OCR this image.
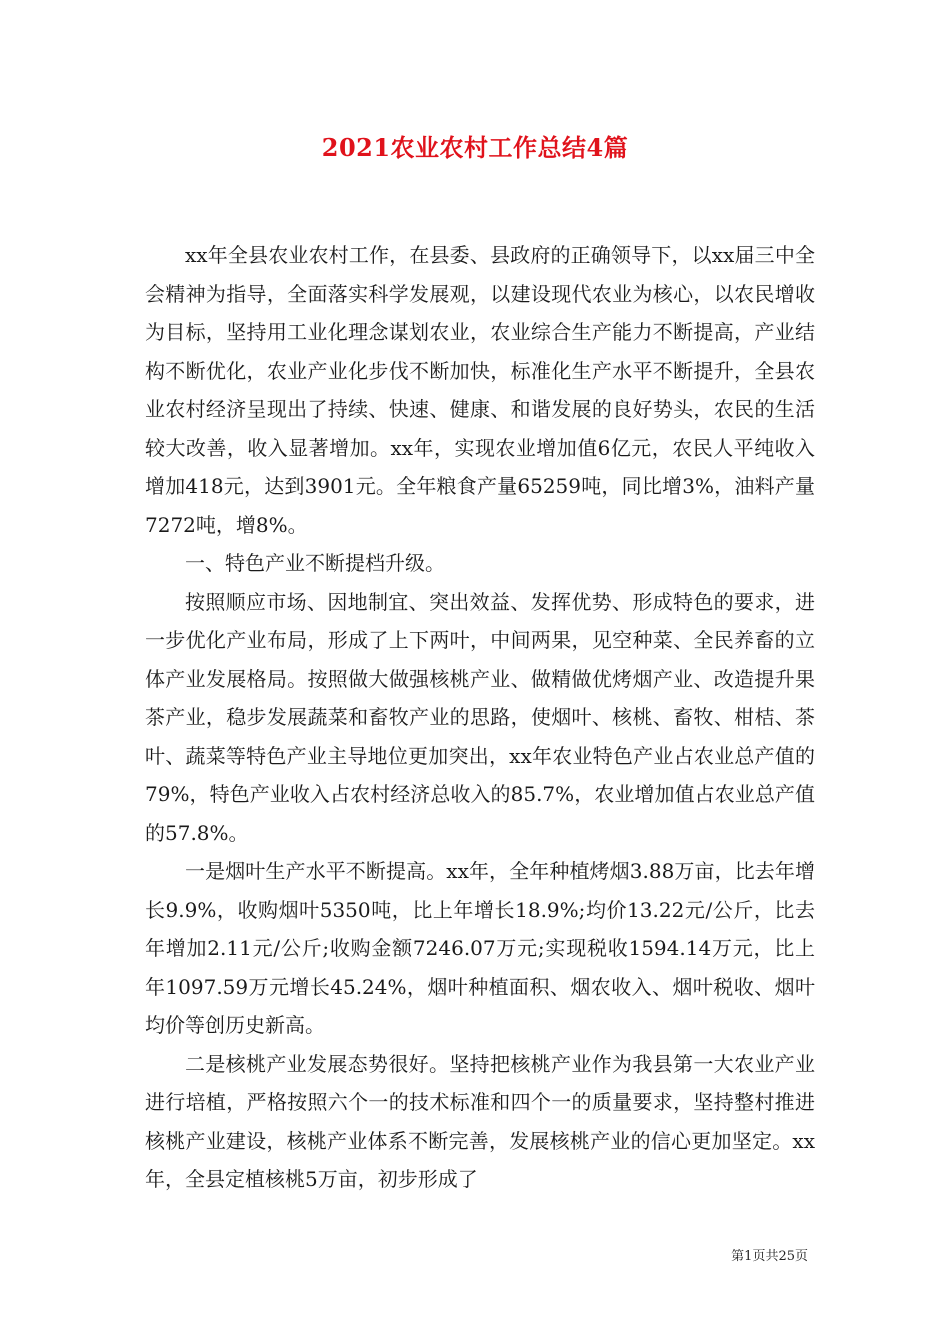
2021农业农村工作总结4篇

xx年全县农业农村工作，在县委、县政府的正确领导下，以xx届三中全会精神为指导，全面落实科学发展观，以建设现代农业为核心，以农民增收为目标，坚持用工业化理念谋划农业，农业综合生产能力不断提高，产业结构不断优化，农业产业化步伐不断加快，标准化生产水平不断提升，全县农业农村经济呈现出了持续、快速、健康、和谐发展的良好势头，农民的生活较大改善，收入显著增加。xx年，实现农业增加值6亿元，农民人平纯收入增加418元，达到3901元。全年粮食产量65259吨，同比增3%，油料产量7272吨，增8%。

一、特色产业不断提档升级。

按照顺应市场、因地制宜、突出效益、发挥优势、形成特色的要求，进一步优化产业布局，形成了上下两叶，中间两果，见空种菜、全民养畜的立体产业发展格局。按照做大做强核桃产业、做精做优烤烟产业、改造提升果茶产业，稳步发展蔬菜和畜牧产业的思路，使烟叶、核桃、畜牧、柑桔、茶叶、蔬菜等特色产业主导地位更加突出，xx年农业特色产业占农业总产值的79%，特色产业收入占农村经济总收入的85.7%，农业增加值占农业总产值的57.8%。

一是烟叶生产水平不断提高。xx年，全年种植烤烟3.88万亩，比去年增长9.9%，收购烟叶5350吨，比上年增长18.9%;均价13.22元/公斤，比去年增加2.11元/公斤;收购金额7246.07万元;实现税收1594.14万元，比上年1097.59万元增长45.24%，烟叶种植面积、烟农收入、烟叶税收、烟叶均价等创历史新高。

二是核桃产业发展态势很好。坚持把核桃产业作为我县第一大农业产业进行培植，严格按照六个一的技术标准和四个一的质量要求，坚持整村推进核桃产业建设，核桃产业体系不断完善，发展核桃产业的信心更加坚定。xx年，全县定植核桃5万亩，初步形成了

第1页共25页
